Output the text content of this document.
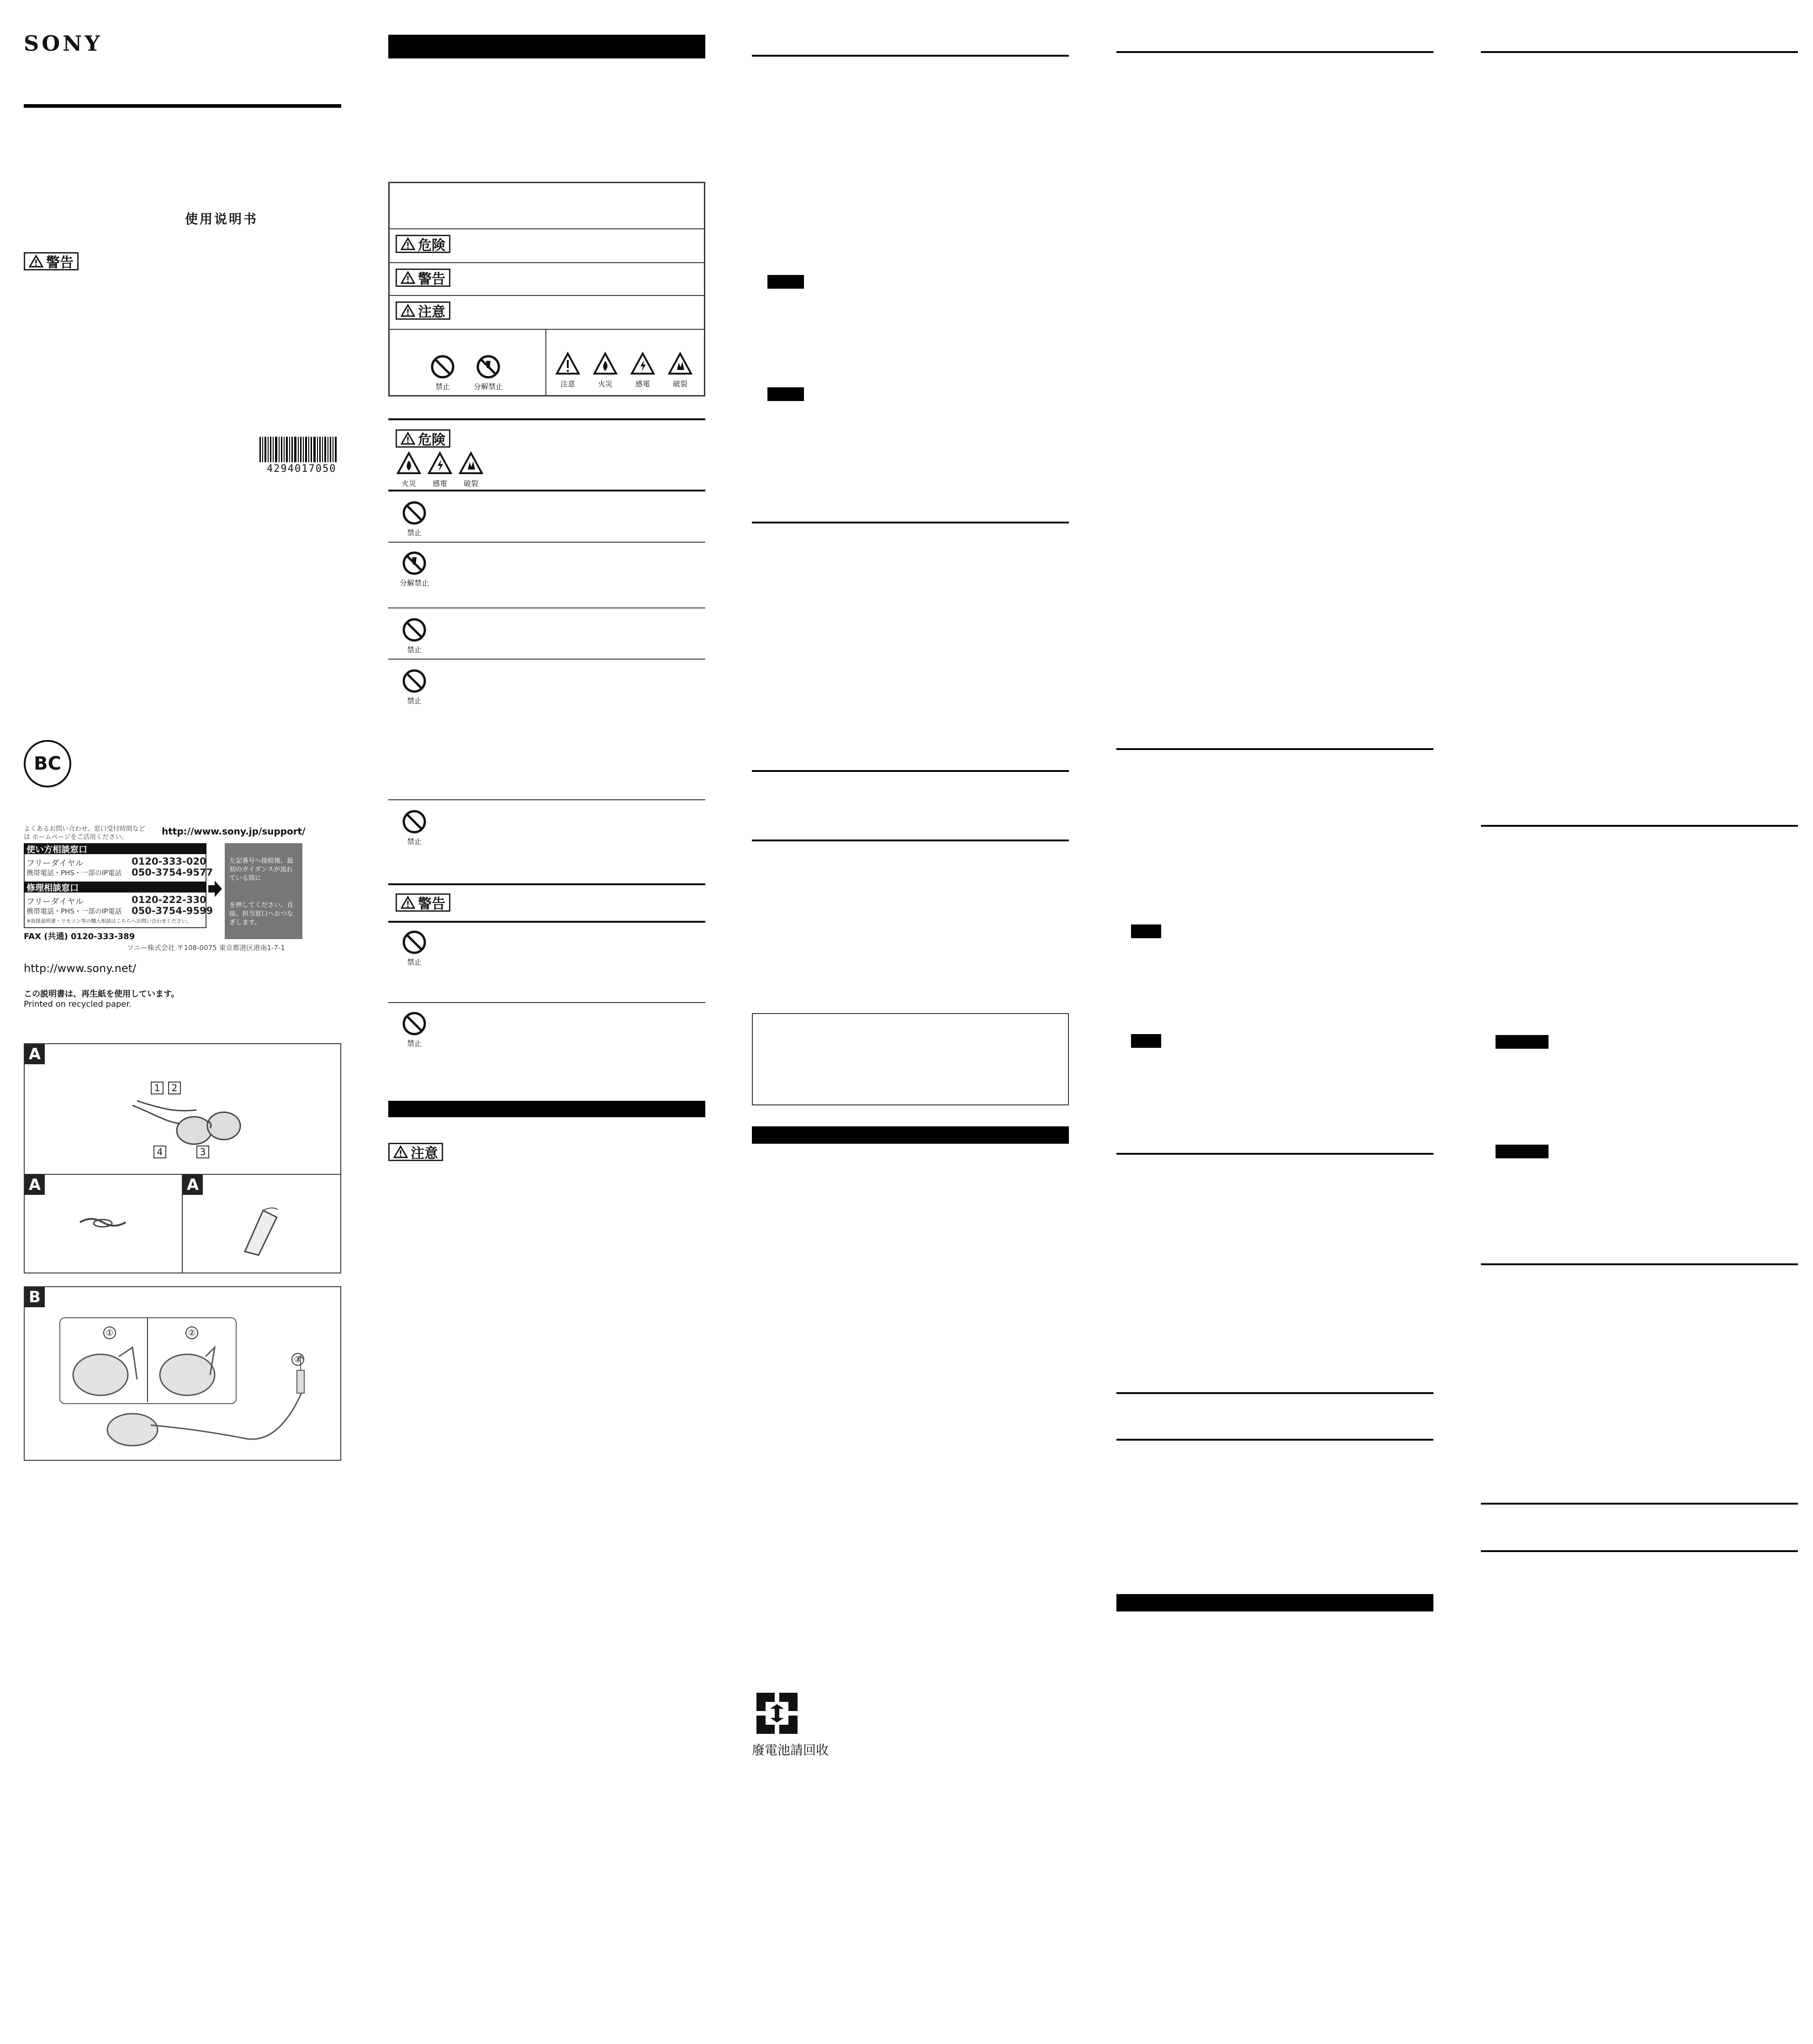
SONY
使用说明书
警告
4294017050
BC
よくあるお問い合わせ、窓口受付時間などは ホームページをご活用ください。
http://www.sony.jp/support/
使い方相談窓口
フリーダイヤル	0120-333-020
携帯電話・PHS・一部のIP電話 050-3754-9577
修理相談窓口
フリーダイヤル	0120-222-330
携帯電話・PHS・一部のIP電話 050-3754-9599
※取扱説明書・リモコン等の購入相談はこちらへお問い合わせください。
左記番号へ接続後、最初のガイダンスが流れている間に
を押してください。直接、担当窓口へおつなぎします。
FAX (共通) 0120-333-389
ソニー株式会社 〒108-0075 東京都港区港南1-7-1
http://www.sony.net/
この説明書は、再生紙を使用しています。
Printed on recycled paper.
A
A	A
1	2
4	3
B
①	②
③
危険
警告
注意
禁止	分解禁止	注意	火災	感電	破裂
危険
火災	感電	破裂
禁止
分解禁止
禁止
禁止
禁止
警告
禁止
禁止
注意
廢電池請回收
